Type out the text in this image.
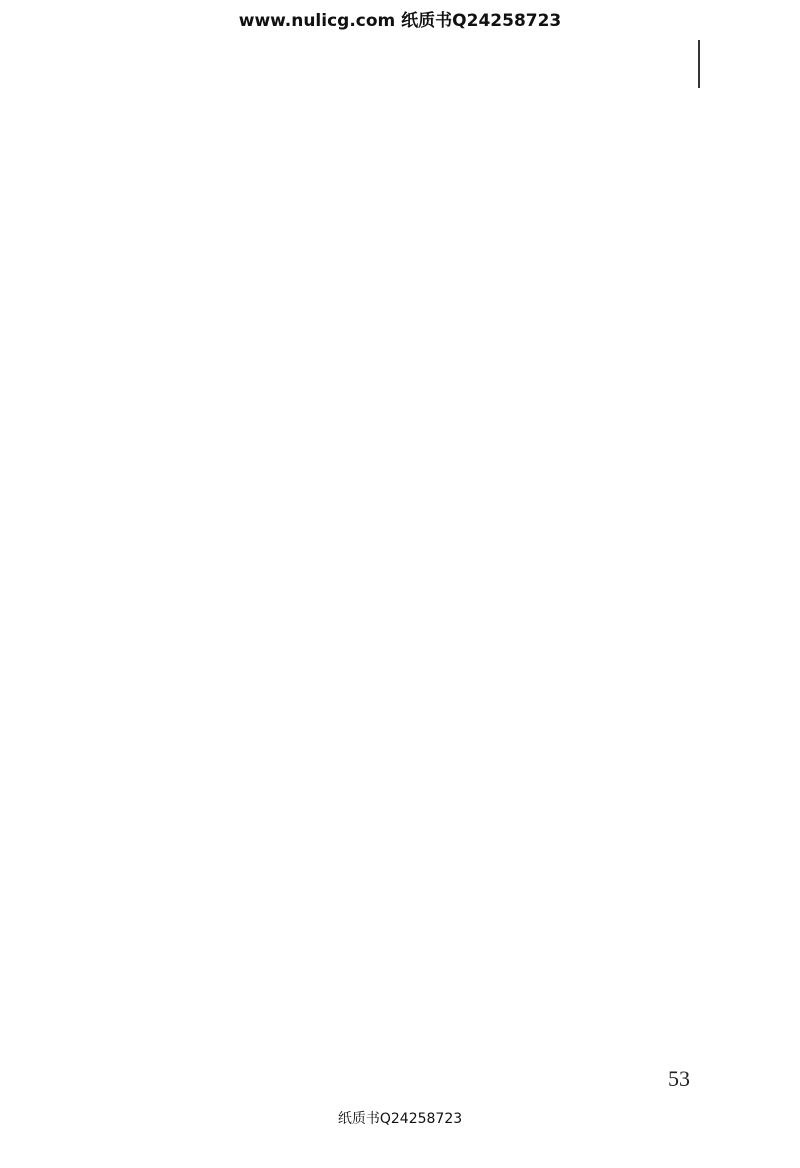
www.nulicg.com 纸质书Q24258723

53
纸质书Q24258723
